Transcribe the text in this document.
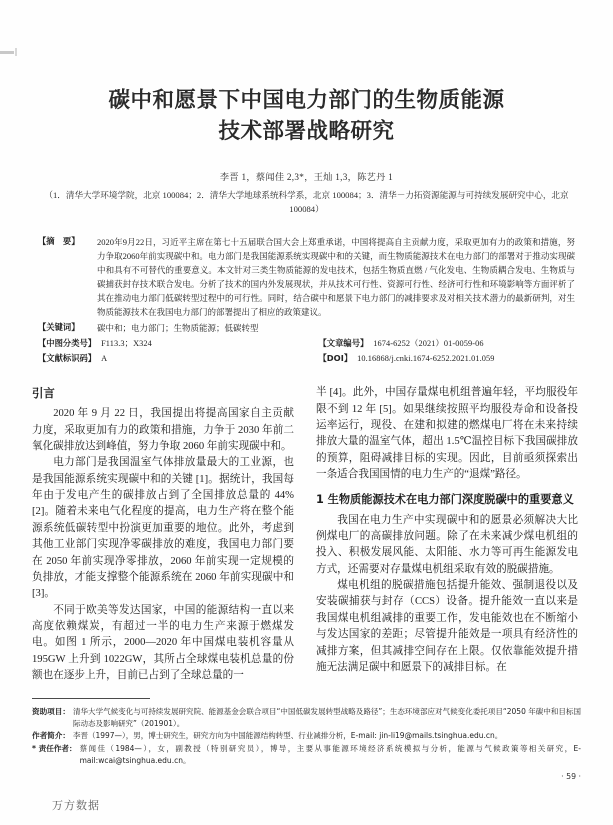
碳中和愿景下中国电力部门的生物质能源
技术部署战略研究
李晋 1，蔡闻佳 2,3*，王灿 1,3，陈艺丹 1
（1．清华大学环境学院，北京 100084；2．清华大学地球系统科学系，北京 100084；3．清华－力拓资源能源与可持续发展研究中心，北京 100084）
【摘　要】	2020年9月22日，习近平主席在第七十五届联合国大会上郑重承诺，中国将提高自主贡献力度，采取更加有力的政策和措施，努力争取2060年前实现碳中和。电力部门是我国能源系统实现碳中和的关键，而生物质能源技术在电力部门的部署对于推动实现碳中和具有不可替代的重要意义。本文针对三类生物质能源的发电技术，包括生物质直燃 / 气化发电、生物质耦合发电、生物质与碳捕获封存技术联合发电。分析了技术的国内外发展现状，并从技术可行性、资源可行性、经济可行性和环境影响等方面评析了其在推动电力部门低碳转型过程中的可行性。同时，结合碳中和愿景下电力部门的减排要求及对相关技术潜力的最新研判，对生物质能源技术在我国电力部门的部署提出了相应的政策建议。
【关键词】	碳中和；电力部门；生物质能源；低碳转型
【中图分类号】 F113.3；X324
【文献标识码】 A
【文章编号】 1674-6252（2021）01-0059-06
【DOI】 10.16868/j.cnki.1674-6252.2021.01.059
引言

2020 年 9 月 22 日，我国提出将提高国家自主贡献力度，采取更加有力的政策和措施，力争于 2030 年前二氧化碳排放达到峰值，努力争取 2060 年前实现碳中和。

电力部门是我国温室气体排放量最大的工业源，也是我国能源系统实现碳中和的关键 [1]。据统计，我国每年由于发电产生的碳排放占到了全国排放总量的 44%[2]。随着未来电气化程度的提高，电力生产将在整个能源系统低碳转型中扮演更加重要的地位。此外，考虑到其他工业部门实现净零碳排放的难度，我国电力部门要在 2050 年前实现净零排放，2060 年前实现一定规模的负排放，才能支撑整个能源系统在 2060 年前实现碳中和 [3]。

不同于欧美等发达国家，中国的能源结构一直以来高度依赖煤炭，有超过一半的电力生产来源于燃煤发电。如图 1 所示，2000—2020 年中国煤电装机容量从 195GW 上升到 1022GW，其所占全球煤电装机总量的份额也在逐步上升，目前已占到了全球总量的一

半 [4]。此外，中国存量煤电机组普遍年轻，平均服役年限不到 12 年 [5]。如果继续按照平均服役寿命和设备投运率运行，现役、在建和拟建的燃煤电厂将在未来持续排放大量的温室气体，超出 1.5℃温控目标下我国碳排放的预算，阻碍减排目标的实现。因此，目前亟须探索出一条适合我国国情的电力生产的“退煤”路径。

1 生物质能源技术在电力部门深度脱碳中的重要意义

我国在电力生产中实现碳中和的愿景必须解决大比例煤电厂的高碳排放问题。除了在未来减少煤电机组的投入、积极发展风能、太阳能、水力等可再生能源发电方式，还需要对存量煤电机组采取有效的脱碳措施。

煤电机组的脱碳措施包括提升能效、强制退役以及安装碳捕获与封存（CCS）设备。提升能效一直以来是我国煤电机组减排的重要工作，发电能效也在不断缩小与发达国家的差距；尽管提升能效是一项具有经济性的减排方案，但其减排空间存在上限。仅依靠能效提升措施无法满足碳中和愿景下的减排目标。在

资助项目： 清华大学气候变化与可持续发展研究院、能源基金会联合项目“中国低碳发展转型战略及路径”；生态环境部应对气候变化委托项目“2050 年碳中和目标国际动态及影响研究”（201901）。
作者简介： 李晋（1997—），男，博士研究生，研究方向为中国能源结构转型、行业减排分析，E-mail: jin-li19@mails.tsinghua.edu.cn。
* 责任作者： 蔡闻佳（1984—），女，副教授（特别研究员），博导，主要从事能源环境经济系统模拟与分析，能源与气候政策等相关研究，E-mail:wcai@tsinghua.edu.cn。
· 59 ·
万方数据
